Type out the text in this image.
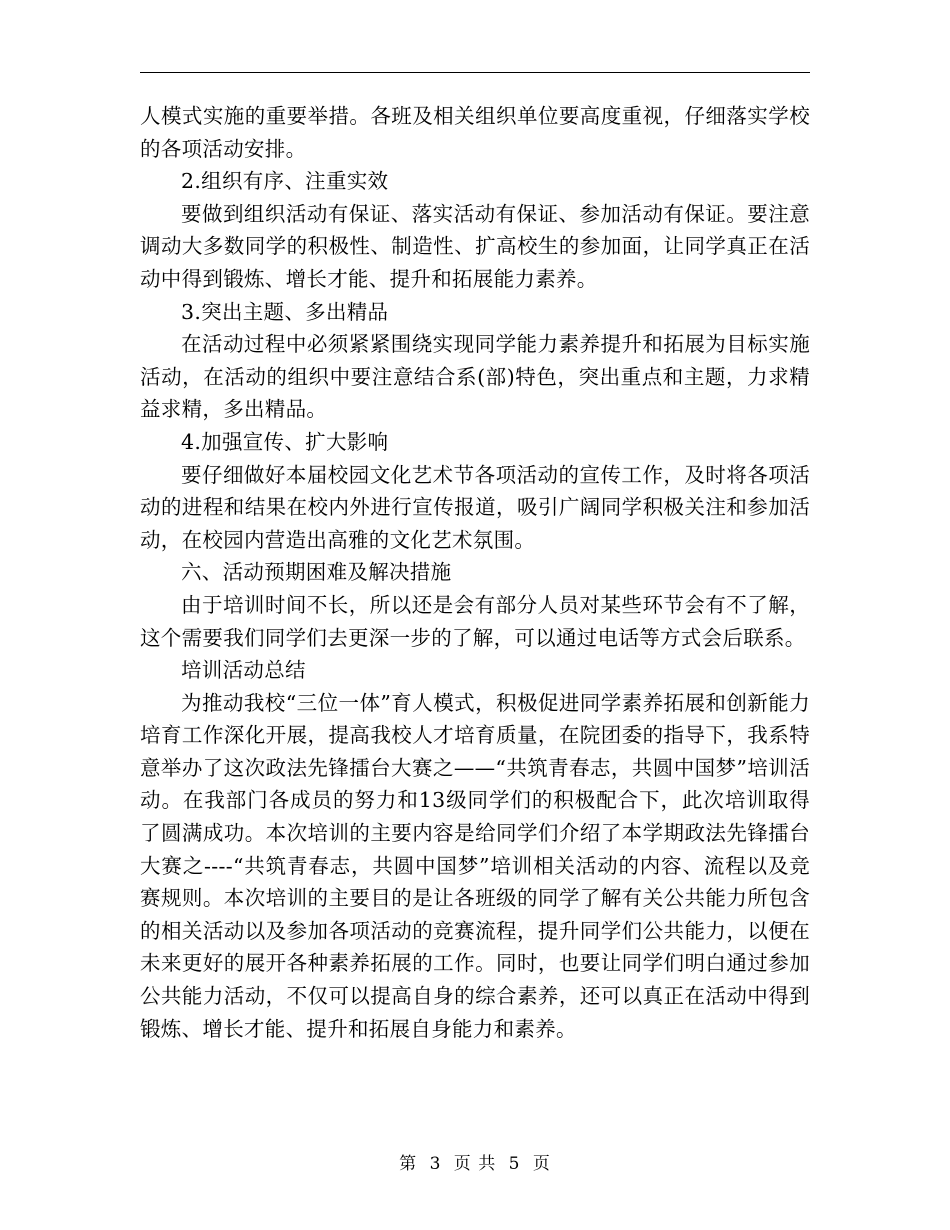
人模式实施的重要举措。各班及相关组织单位要高度重视，仔细落实学校的各项活动安排。

2.组织有序、注重实效

要做到组织活动有保证、落实活动有保证、参加活动有保证。要注意调动大多数同学的积极性、制造性、扩高校生的参加面，让同学真正在活动中得到锻炼、增长才能、提升和拓展能力素养。

3.突出主题、多出精品

在活动过程中必须紧紧围绕实现同学能力素养提升和拓展为目标实施活动，在活动的组织中要注意结合系(部)特色，突出重点和主题，力求精益求精，多出精品。

4.加强宣传、扩大影响

要仔细做好本届校园文化艺术节各项活动的宣传工作，及时将各项活动的进程和结果在校内外进行宣传报道，吸引广阔同学积极关注和参加活动，在校园内营造出高雅的文化艺术氛围。

六、活动预期困难及解决措施

由于培训时间不长，所以还是会有部分人员对某些环节会有不了解，这个需要我们同学们去更深一步的了解，可以通过电话等方式会后联系。

培训活动总结

为推动我校“三位一体”育人模式，积极促进同学素养拓展和创新能力培育工作深化开展，提高我校人才培育质量，在院团委的指导下，我系特意举办了这次政法先锋擂台大赛之——“共筑青春志，共圆中国梦”培训活动。在我部门各成员的努力和13级同学们的积极配合下，此次培训取得了圆满成功。本次培训的主要内容是给同学们介绍了本学期政法先锋擂台大赛之----“共筑青春志，共圆中国梦”培训相关活动的内容、流程以及竞赛规则。本次培训的主要目的是让各班级的同学了解有关公共能力所包含的相关活动以及参加各项活动的竞赛流程，提升同学们公共能力，以便在未来更好的展开各种素养拓展的工作。同时，也要让同学们明白通过参加公共能力活动，不仅可以提高自身的综合素养，还可以真正在活动中得到锻炼、增长才能、提升和拓展自身能力和素养。

第 3 页 共 5 页
